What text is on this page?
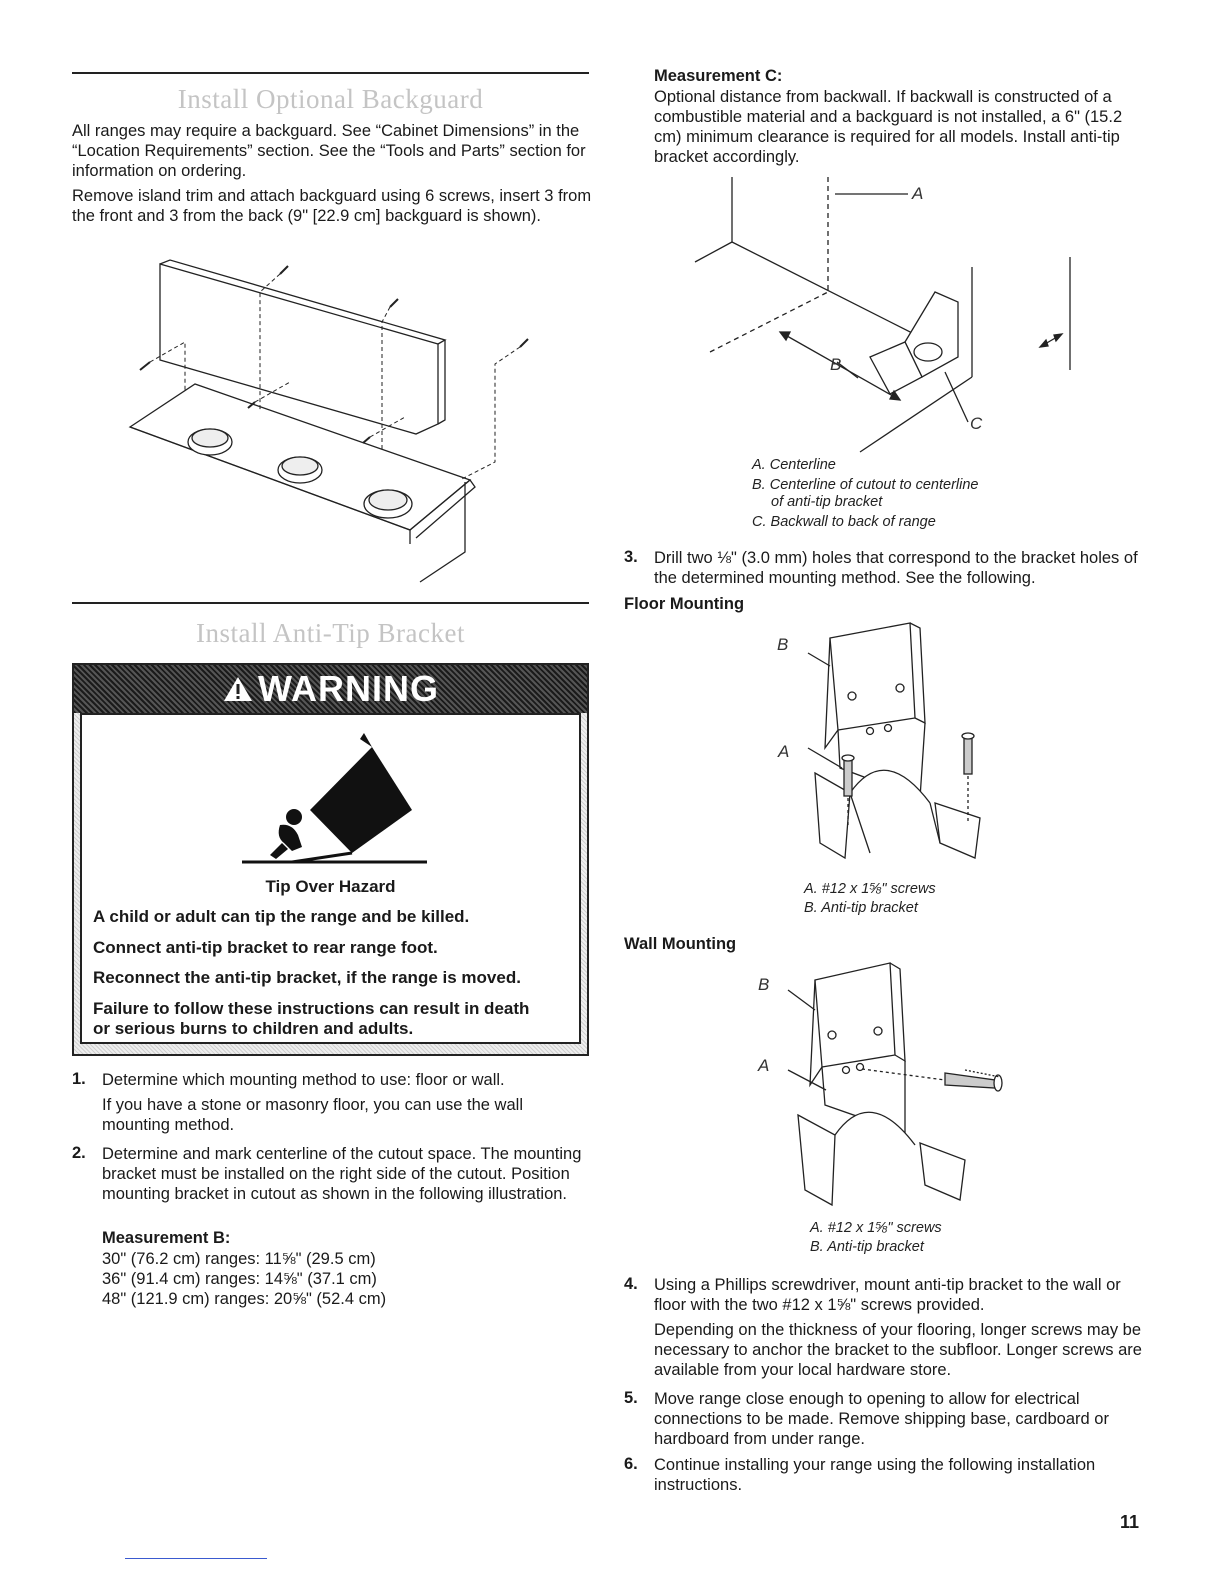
Install Optional Backguard

All ranges may require a backguard. See “Cabinet Dimensions” in the “Location Requirements” section. See the “Tools and Parts” section for information on ordering.

Remove island trim and attach backguard using 6 screws, insert 3 from the front and 3 from the back (9" [22.9 cm] backguard is shown).

Install Anti-Tip Bracket
WARNING
Tip Over Hazard
A child or adult can tip the range and be killed.
Connect anti-tip bracket to rear range foot.
Reconnect the anti-tip bracket, if the range is moved.
Failure to follow these instructions can result in death
or serious burns to children and adults.
1. Determine which mounting method to use: floor or wall.

If you have a stone or masonry floor, you can use the wall mounting method.

2. Determine and mark centerline of the cutout space. The mounting bracket must be installed on the right side of the cutout. Position mounting bracket in cutout as shown in the following illustration.

Measurement B:
30" (76.2 cm) ranges: 11⅝" (29.5 cm)
36" (91.4 cm) ranges: 14⅝" (37.1 cm)
48" (121.9 cm) ranges: 20⅝" (52.4 cm)
Measurement C:

Optional distance from backwall. If backwall is constructed of a combustible material and a backguard is not installed, a 6" (15.2 cm) minimum clearance is required for all models. Install anti-tip bracket accordingly.

A
B
C
A. Centerline
B. Centerline of cutout to centerline
of anti-tip bracket
C. Backwall to back of range
3. Drill two ⅛" (3.0 mm) holes that correspond to the bracket holes of the determined mounting method. See the following.

Floor Mounting
B
A
A. #12 x 1⅝" screws
B. Anti-tip bracket
Wall Mounting
B
A
A. #12 x 1⅝" screws
B. Anti-tip bracket
4. Using a Phillips screwdriver, mount anti-tip bracket to the wall or floor with the two #12 x 1⅝" screws provided.

Depending on the thickness of your flooring, longer screws may be necessary to anchor the bracket to the subfloor. Longer screws are available from your local hardware store.

5. Move range close enough to opening to allow for electrical connections to be made. Remove shipping base, cardboard or hardboard from under range.

6. Continue installing your range using the following installation instructions.

11
